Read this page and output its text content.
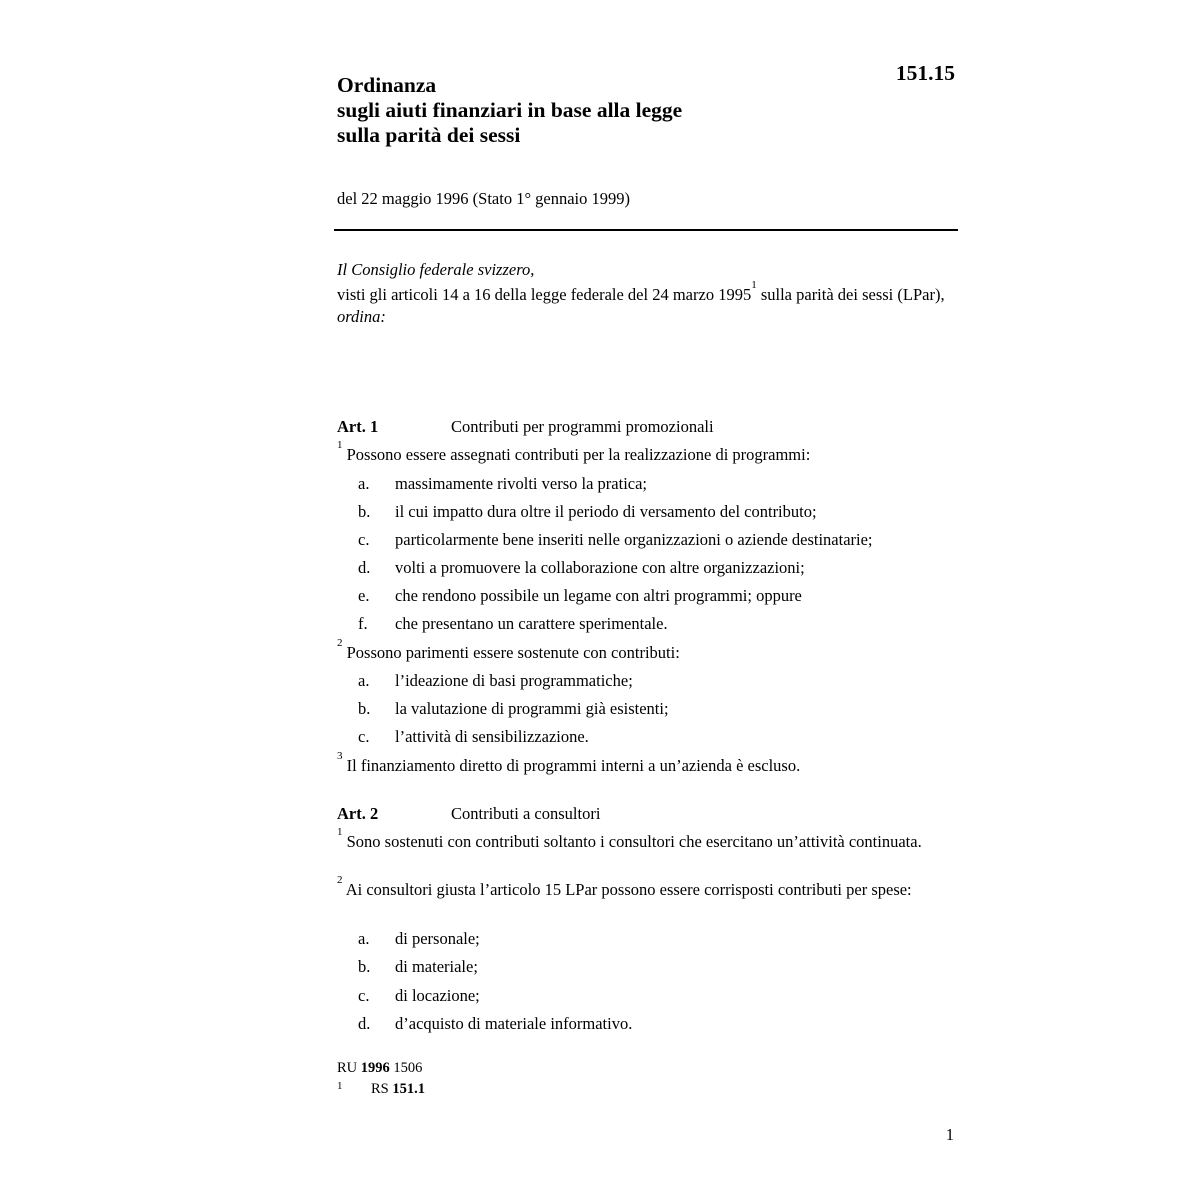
Ordinanza
sugli aiuti finanziari in base alla legge
sulla parità dei sessi
151.15
del 22 maggio 1996 (Stato 1° gennaio 1999)

Il Consiglio federale svizzero,

visti gli articoli 14 a 16 della legge federale del 24 marzo 1995$^1$ sulla parità dei sessi (LPar),

ordina:

Art. 1	Contributi per programmi promozionali
$^1$ Possono essere assegnati contributi per la realizzazione di programmi:
a. massimamente rivolti verso la pratica;
b. il cui impatto dura oltre il periodo di versamento del contributo;
c. particolarmente bene inseriti nelle organizzazioni o aziende destinatarie;
d. volti a promuovere la collaborazione con altre organizzazioni;
e. che rendono possibile un legame con altri programmi; oppure
f. che presentano un carattere sperimentale.
$^2$ Possono parimenti essere sostenute con contributi:
a. l’ideazione di basi programmatiche;
b. la valutazione di programmi già esistenti;
c. l’attività di sensibilizzazione.
$^3$ Il finanziamento diretto di programmi interni a un’azienda è escluso.
Art. 2	Contributi a consultori
$^1$ Sono sostenuti con contributi soltanto i consultori che esercitano un’attività continuata.
$^2$ Ai consultori giusta l’articolo 15 LPar possono essere corrisposti contributi per spese:
a. di personale;
b. di materiale;
c. di locazione;
d. d’acquisto di materiale informativo.
RU 1996 1506
1 RS 151.1
1
